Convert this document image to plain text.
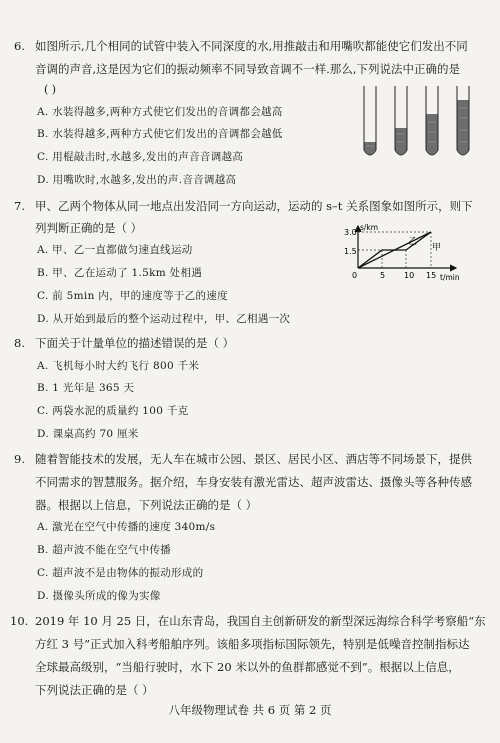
6. 如图所示,几个相同的试管中装入不同深度的水,用推敲击和用嘴吹都能使它们发出不同
音调的声音,这是因为它们的振动频率不同导致音调不一样.那么,下列说法中正确的是
( )
A. 水装得越多,两种方式使它们发出的音调都会越高
B. 水装得越多,两种方式使它们发出的音调都会越低
C. 用棍敲击时,水越多,发出的声音音调越高
D. 用嘴吹时,水越多,发出的声.音音调越高
7. 甲、乙两个物体从同一地点出发沿同一方向运动，运动的 s–t 关系图象如图所示，则下
列判断正确的是（ ）
A. 甲、乙一直都做匀速直线运动
B. 甲、乙在运动了 1.5km 处相遇
C. 前 5min 内，甲的速度等于乙的速度
D. 从开始到最后的整个运动过程中，甲、乙相遇一次
s/km
t/min
3.0
1.5
0	5 10 15
乙
甲
8. 下面关于计量单位的描述错误的是（ ）
A. 飞机每小时大约飞行 800 千米
B. 1 光年是 365 天
C. 两袋水泥的质量约 100 千克
D. 课桌高约 70 厘米
9. 随着智能技术的发展，无人车在城市公园、景区、居民小区、酒店等不同场景下，提供
不同需求的智慧服务。据介绍，车身安装有激光雷达、超声波雷达、摄像头等各种传感
器。根据以上信息，下列说法正确的是（ ）
A. 激光在空气中传播的速度 340m/s
B. 超声波不能在空气中传播
C. 超声波不是由物体的振动形成的
D. 摄像头所成的像为实像
10. 2019 年 10 月 25 日，在山东青岛，我国自主创新研发的新型深远海综合科学考察船“东
方红 3 号”正式加入科考船舶序列。该船多项指标国际领先，特别是低噪音控制指标达
全球最高级别，“当船行驶时，水下 20 米以外的鱼群都感觉不到”。根据以上信息，
下列说法正确的是（ ）
八年级物理试卷 共 6 页 第 2 页
